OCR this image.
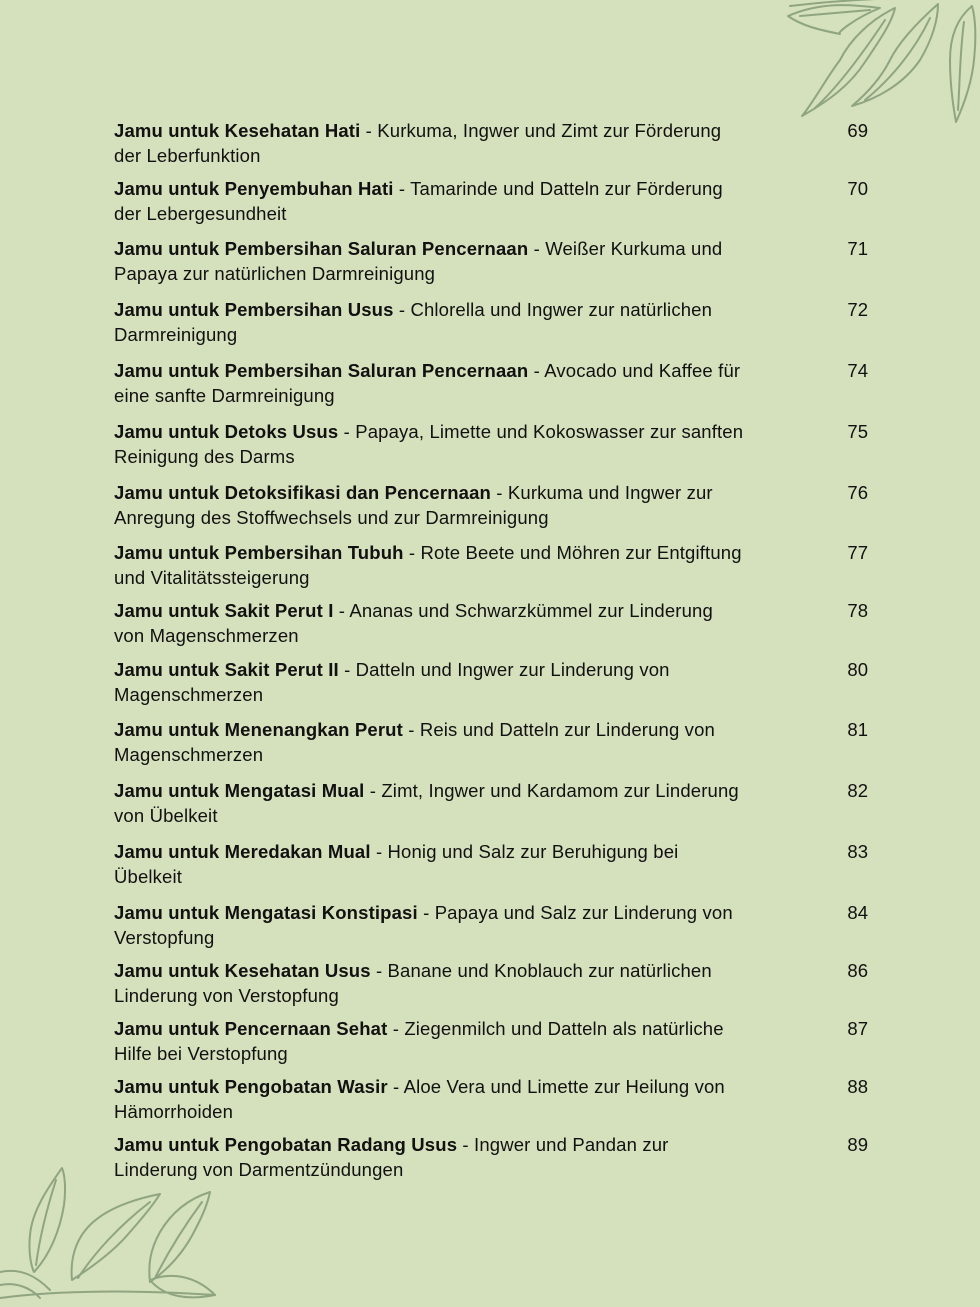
Jamu untuk Kesehatan Hati - Kurkuma, Ingwer und Zimt zur Förderung der Leberfunktion
69
Jamu untuk Penyembuhan Hati - Tamarinde und Datteln zur Förderung der Lebergesundheit
70
Jamu untuk Pembersihan Saluran Pencernaan - Weißer Kurkuma und Papaya zur natürlichen Darmreinigung
71
Jamu untuk Pembersihan Usus - Chlorella und Ingwer zur natürlichen Darmreinigung
72
Jamu untuk Pembersihan Saluran Pencernaan - Avocado und Kaffee für eine sanfte Darmreinigung
74
Jamu untuk Detoks Usus - Papaya, Limette und Kokoswasser zur sanften Reinigung des Darms
75
Jamu untuk Detoksifikasi dan Pencernaan - Kurkuma und Ingwer zur Anregung des Stoffwechsels und zur Darmreinigung
76
Jamu untuk Pembersihan Tubuh - Rote Beete und Möhren zur Entgiftung und Vitalitätssteigerung
77
Jamu untuk Sakit Perut I - Ananas und Schwarzkümmel zur Linderung von Magenschmerzen
78
Jamu untuk Sakit Perut II - Datteln und Ingwer zur Linderung von Magenschmerzen
80
Jamu untuk Menenangkan Perut - Reis und Datteln zur Linderung von Magenschmerzen
81
Jamu untuk Mengatasi Mual - Zimt, Ingwer und Kardamom zur Linderung von Übelkeit
82
Jamu untuk Meredakan Mual - Honig und Salz zur Beruhigung bei Übelkeit
83
Jamu untuk Mengatasi Konstipasi - Papaya und Salz zur Linderung von Verstopfung
84
Jamu untuk Kesehatan Usus - Banane und Knoblauch zur natürlichen Linderung von Verstopfung
86
Jamu untuk Pencernaan Sehat - Ziegenmilch und Datteln als natürliche Hilfe bei Verstopfung
87
Jamu untuk Pengobatan Wasir - Aloe Vera und Limette zur Heilung von Hämorrhoiden
88
Jamu untuk Pengobatan Radang Usus - Ingwer und Pandan zur Linderung von Darmentzündungen
89
